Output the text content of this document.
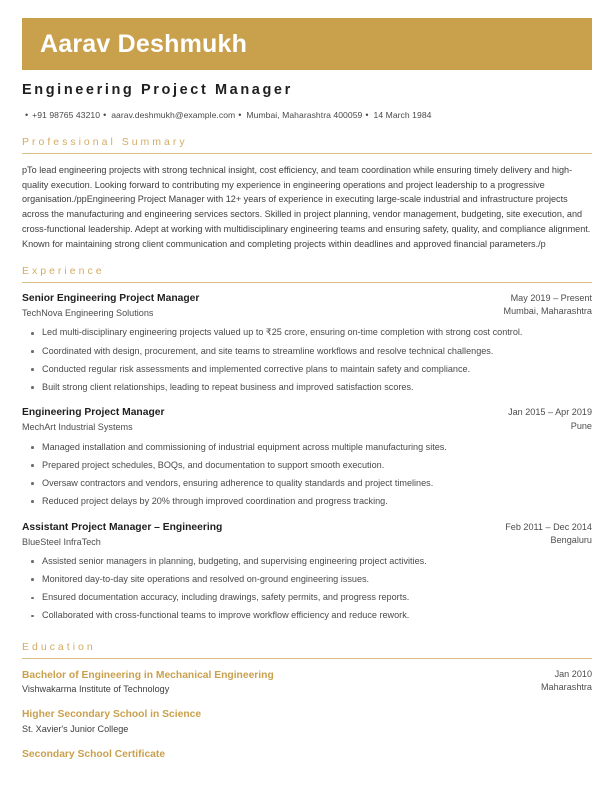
Aarav Deshmukh
Engineering Project Manager
• +91 98765 43210 • aarav.deshmukh@example.com • Mumbai, Maharashtra 400059 • 14 March 1984
Professional Summary

pTo lead engineering projects with strong technical insight, cost efficiency, and team coordination while ensuring timely delivery and high-quality execution. Looking forward to contributing my experience in engineering operations and project leadership to a progressive organisation./ppEngineering Project Manager with 12+ years of experience in executing large-scale industrial and infrastructure projects across the manufacturing and engineering services sectors. Skilled in project planning, vendor management, budgeting, site execution, and cross-functional leadership. Adept at working with multidisciplinary engineering teams and ensuring safety, quality, and compliance alignment. Known for maintaining strong client communication and completing projects within deadlines and approved financial parameters./p

Experience
Senior Engineering Project Manager
TechNova Engineering Solutions
May 2019 – Present
Mumbai, Maharashtra
Led multi-disciplinary engineering projects valued up to ₹25 crore, ensuring on-time completion with strong cost control.
Coordinated with design, procurement, and site teams to streamline workflows and resolve technical challenges.
Conducted regular risk assessments and implemented corrective plans to maintain safety and compliance.
Built strong client relationships, leading to repeat business and improved satisfaction scores.
Engineering Project Manager
MechArt Industrial Systems
Jan 2015 – Apr 2019
Pune
Managed installation and commissioning of industrial equipment across multiple manufacturing sites.
Prepared project schedules, BOQs, and documentation to support smooth execution.
Oversaw contractors and vendors, ensuring adherence to quality standards and project timelines.
Reduced project delays by 20% through improved coordination and progress tracking.
Assistant Project Manager – Engineering
BlueSteel InfraTech
Feb 2011 – Dec 2014
Bengaluru
Assisted senior managers in planning, budgeting, and supervising engineering project activities.
Monitored day-to-day site operations and resolved on-ground engineering issues.
Ensured documentation accuracy, including drawings, safety permits, and progress reports.
Collaborated with cross-functional teams to improve workflow efficiency and reduce rework.
Education
Bachelor of Engineering in Mechanical Engineering
Vishwakarma Institute of Technology
Jan 2010
Maharashtra
Higher Secondary School in Science
St. Xavier's Junior College
Secondary School Certificate
